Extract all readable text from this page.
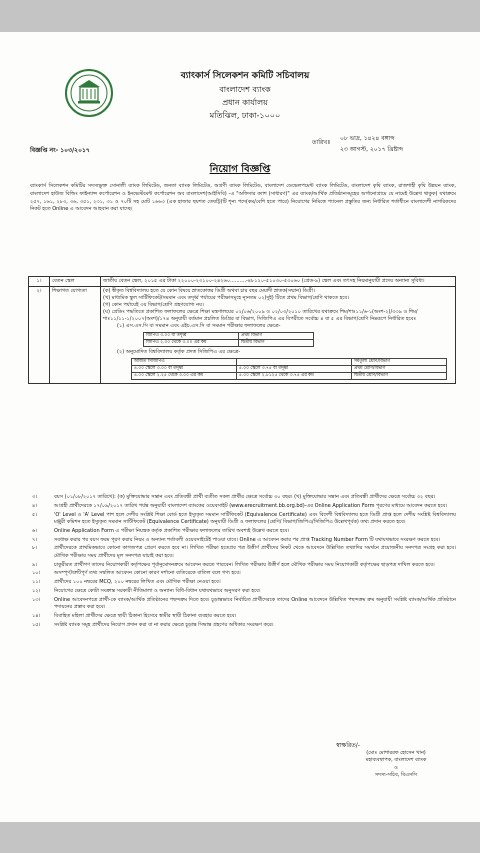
ব্যাংকার্স সিলেকশন কমিটি সচিবালয়
বাংলাদেশ ব্যাংক
প্রধান কার্যালয়
মতিঝিল, ঢাকা-১০০০
তারিখঃ
০৮ ভাদ্র, ১৪২৪ বঙ্গাব্দ
২৩ আগস্ট, ২০১৭ খ্রিষ্টাব্দ
বিজ্ঞপ্তি নং- ১০৩/২০১৭
নিয়োগ বিজ্ঞপ্তি
ব্যাংকার্স সিলেকশন কমিটির সদস্যভুক্ত সোনালী ব্যাংক লিমিটেড, জনতা ব্যাংক লিমিটেড, অগ্রণী ব্যাংক লিমিটেড, বাংলাদেশ ডেভেলপমেন্ট ব্যাংক লিমিটেড, বাংলাদেশ কৃষি ব্যাংক, রাজশাহী কৃষি উন্নয়ন ব্যাংক, বাংলাদেশ হাউজ বিল্ডিং ফাইন্যান্স কর্পোরেশন ও ইনভেস্টমেন্ট কর্পোরেশন অব বাংলাদেশ(আইসিবি) -এ "অফিসার ক্যাশ (সাধারণ)" এর ব্যাংক/আর্থিক প্রতিষ্ঠানসমূহের অর্গানোগ্রামে যে নামেই উল্লেখ থাকুক) যথাক্রমে ২৫৭, ১৬১, ২৮৩, ৩৬, ৩৫১, ২৩১, ৩১ ও ৭০টি সহ মোট ১৬৬৩ (এক হাজার ছয়শত তেষট্টি)টি শূন্য পদে(কম/বেশি হতে পারে) নিয়োগের নিমিত্তে প্যানেল প্রস্তুতির জন্য নির্ধারিত শর্তাধীনে বাংলাদেশী নাগরিকদের নিকট হতে Online এ আবেদন আহবান করা যাচ্ছে।
১।	বেতন স্কেল	জাতীয় বেতন স্কেল, ২০১৫ এর টাকা ২২০০০-২৩১০০-২৪২৬০..........-৪৮১২০-৫১০৩০-৫৩০৬০ (গ্রেড-৯) স্কেল এবং তৎসহ নিয়মানুযায়ী প্রদেয় অন্যান্য সুবিধা।
২।	শিক্ষাগত যোগ্যতা	(ক) স্বীকৃত বিশ্ববিদ্যালয় হতে যে কোন বিষয়ে স্নাতকোত্তর ডিগ্রী অথবা চার বছর মেয়াদী স্নাতক(সম্মান) ডিগ্রী।
(খ) মাধ্যমিক স্কুল সার্টিফিকেট/সমমান এবং তদূর্ধ্ব পর্যায়ের পরীক্ষাসমূহে ন্যূনতম ০২(দুই) টিতে প্রথম বিভাগ/শ্রেণি থাকতে হবে।
(গ) কোন পর্যায়েই ৩য় বিভাগ/শ্রেণি গ্রহণযোগ্য নয়।
(ঘ) গ্রেডিং পদ্ধতিতে প্রকাশিত ফলাফলের ক্ষেত্রে শিক্ষা মন্ত্রণালয়ের ০২/০৬/২০০৯ ও ০২/০৩/২০১০ তারিখের যথাক্রমে শিম/শাঃ১১/৬-১(অংশ-২)/৩৩৯ ও শিম/শাঃ১১/১১-১/২০০৭(অংশ)/১৭৪ অনুযায়ী বর্তমান প্রচলিত ডিগ্রির বা বিভাগ, সিজিপিএ এর বিপরীতে সর্বোচ্চ ৪ বা ৫ এর বিভাগ/শ্রেণি নিম্নরূপে নির্ধারিত হবেঃ
(১) এস.এস.সি বা সমমান এবং এইচ.এস.সি বা সমমান পরীক্ষার ফলাফলের ক্ষেত্রে-
জিপিএ ৩.০০ বা তদূর্ধ্ব	প্রথম বিভাগ
জিপিএ ২.০০ থেকে ৩.০০ এর কম	দ্বিতীয় বিভাগ
(২) অনুমোদিত বিশ্ববিদ্যালয় কর্তৃক প্রদত্ত সিজিপিএ এর ক্ষেত্রে-
অর্জিত সিজিপিএ		সমতুল্য শ্রেণি/বিভাগ
৪.০০ স্কেলে ৩.০০ বা তদূর্ধ্ব	৫.০০ স্কেলে ৩.৭৫ বা তদূর্ধ্ব	প্রথম শ্রেণি/বিভাগ
৪.০০ স্কেলে ২.২৫ থেকে ৩.০০ এর কম	৫.০০ স্কেলে ২.৮১২৫ থেকে ৩.৭৫ এর কম	দ্বিতীয় শ্রেণি/বিভাগ
৩।	বয়স (০১/০৮/২০১৭ তারিখে): (ক) মুক্তিযোদ্ধার সন্তান এবং প্রতিবন্ধী প্রার্থী ব্যতীত সকল প্রার্থীর ক্ষেত্রে সর্বোচ্চ ৩০ বছর। (খ) মুক্তিযোদ্ধার সন্তান এবং প্রতিবন্ধী প্রার্থীদের ক্ষেত্রে সর্বোচ্চ ৩২ বছর।
৪।	আগ্রহী প্রার্থীদেরকে ১৭/০৯/২০১৭ তারিখ পর্যন্ত অনুযায়ী বাংলাদেশ ব্যাংকের ওয়েবসাইট (www.erecruitment.bb.org.bd)-এর Online Application Form পূরণের মাধ্যমে আবেদন করতে হবে।
৫।	'O' Level ও 'A' Level পাশ হলে দেশীয় সংশ্লিষ্ট শিক্ষা বোর্ড হতে ইস্যুকৃত সমমান সার্টিফিকেট (Equivalence Certificate) এবং বিদেশী বিশ্ববিদ্যালয় হতে ডিগ্রী প্রাপ্ত হলে দেশীয় সংশ্লিষ্ট বিশ্ববিদ্যালয় মঞ্জুরী কমিশন হতে ইস্যুকৃত সমমান সার্টিফিকেট (Equivalence Certificate) অনুযায়ী ডিগ্রী ও ফলাফলের (শ্রেণি/ বিভাগ/জিপিএ/সিজিপিএ উল্লেখপূর্বক) তথ্য প্রদান করতে হবে।
৬।	Online Application Form এ পরীক্ষা নিয়ন্ত্রক কর্তৃক প্রকাশিত পরীক্ষার ফলাফলের তারিখ অবশ্যই উল্লেখ করতে হবে।
৭।	সবধাক্ষ করার পর বয়স ফরম পূরণ করার নিয়ম ও অন্যান্য শর্তাবলী ওয়েবসাইটেই পাওয়া যাবে। Online এ আবেদন করার পর প্রাপ্ত Tracking Number Form টি যথাযথভাবে সংরক্ষণ করতে হবে।
৮।	প্রার্থীদেরকে প্রাথমিকভাবে কোনো কাগজপত্র প্রেরণ করতে হবে না। লিখিত পরীক্ষা হতেপ্রব পত্র উত্তীর্ণ প্রার্থীদের নিকট থেকে আবেদনে উল্লিখিত তথ্যাদির সমর্থনে প্রয়োজনীয় সনদপত্র সংগ্রহ করা হবে। মৌখিক পরীক্ষার সময় প্রার্থীদের মূল সনদপত্র যাচাই করা হবে।
৯।	চাকুরীরত প্রার্থীগণ তাদের নিয়োগকারী কর্তৃপক্ষের পূর্বানুমোদনক্রমে আবেদন করতে পারবেন। লিখিত পরীক্ষায় উত্তীর্ণ হলে মৌখিক পরীক্ষার সময় নিয়োগকারী কর্তৃপক্ষের ছাড়পত্র দাখিল করতে হবে।
১০।	অসম্পূর্ণ/ত্রুটিপূর্ণ তথ্য সম্বলিত আবেদন কোনো কারণ দর্শানো ব্যতিরেকে বাতিল বলে গণ্য হবে।
১১।	প্রার্থীদের ১০০ নম্বরের MCQ, ২০০ নম্বরের লিখিত এবং মৌখিক পরীক্ষা নেওয়া হবে।
১২।	নিয়োগের ক্ষেত্রে কোটা সংক্রান্ত সরকারী নীতিমালা ও অন্যান্য বিধি-বিধান যথাযথভাবে অনুসরণ করা হবে।
১৩।	Online আবেদনপত্রে প্রার্থী-কে ব্যাংক/আর্থিক প্রতিষ্ঠানের পছন্দক্রম দিতে হবে। চূড়ান্তভাবে নির্বাচিত প্রার্থীদেরকে তাদের Online আবেদনে উল্লিখিত পছন্দক্রম ক্রম অনুযায়ী সংশ্লিষ্ট ব্যাংক/আর্থিক প্রতিষ্ঠানে পদায়নের প্রস্তাব করা হবে।
১৪।	বিবাহিত মহিলা প্রার্থীদের ক্ষেত্রে স্থায়ী ঠিকানা হিসেবে স্বামীর স্থায়ী ঠিকানা ব্যবহার করতে হবে।
১৫।	সংশ্লিষ্ট ব্যাংক সমূহ প্রার্থীদের নিয়োগ প্রদান করা বা না করার ক্ষেত্রে চূড়ান্ত সিদ্ধান্ত গ্রহণের অধিকার সংরক্ষণ করে।
স্বাক্ষরিত/-
(মোঃ মোশাররফ হোসেন খান)
মহাব্যবস্থাপক, বাংলাদেশ ব্যাংক
ও
সদস্য-সচিব, বিএসসি
